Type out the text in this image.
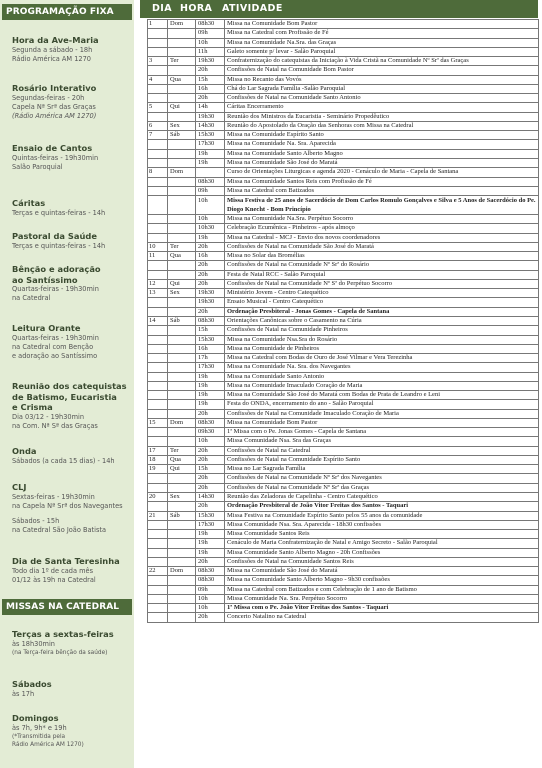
PROGRAMAÇÃO FIXA
Hora da Ave-Maria
Segunda a sábado - 18h
Rádio América AM 1270
Rosário Interativo
Segundas-feiras - 20h
Capela Nª Srª das Graças
(Rádio América AM 1270)
Ensaio de Cantos
Quintas-feiras - 19h30min
Salão Paroquial
Cáritas
Terças e quintas-feiras - 14h
Pastoral da Saúde
Terças e quintas-feiras - 14h
Bênção e adoração
ao Santíssimo
Quartas-feiras - 19h30min
na Catedral
Leitura Orante
Quartas-feiras - 19h30min
na Catedral com Benção
e adoração ao Santíssimo
Reunião dos catequistas
de Batismo, Eucaristia
e Crisma
Dia 03/12 - 19h30min
na Com. Nª Sª das Graças
Onda
Sábados (a cada 15 dias) - 14h
CLJ
Sextas-feiras - 19h30min
na Capela Nª Srª dos Navegantes
Sábados - 15h
na Catedral São João Batista
Dia de Santa Teresinha
Todo dia 1º de cada mês
01/12 às 19h na Catedral
MISSAS NA CATEDRAL
Terças a sextas-feiras
às 18h30min
(na Terça-feira bênção da saúde)
Sábados
às 17h
Domingos
às 7h, 9h* e 19h
(*Transmitida pela
Rádio América AM 1270)
DIA HORA ATIVIDADE
1	Dom	08h30	Missa na Comunidade Bom Pastor
		09h	Missa na Catedral com Profissão de Fé
		10h	Missa na Comunidade Na.Sra. das Graças
		11h	Galeto somente p/ levar - Salão Paroquial
3	Ter	19h30	Confraternização do catequistas da Iniciação à Vida Cristã na Comunidade Nº Srª das Graças
		20h	Confissões de Natal na Comunidade Bom Pastor
4	Qua	15h	Missa no Recanto das Vovós
		16h	Chá do Lar Sagrada Família -Salão Paroquial
		20h	Confissões de Natal na Comunidade Santo Antonio
5	Qui	14h	Cáritas Encerramento
		19h30	Reunião dos Ministros da Eucaristia - Seminário Propedêutico
6	Sex	14h30	Reunião do Apostolado da Oração das Senhoras com Missa na Catedral
7	Sáb	15h30	Missa na Comunidade Espírito Santo
		17h30	Missa na Comunidade Na. Sra. Aparecida
		19h	Missa na Comunidade Santo Alberto Magno
		19h	Missa na Comunidade São José do Maratá
8	Dom		Curso de Orientações Liturgicas e agenda 2020 - Cenáculo de Maria - Capela de Santana
		08h30	Missa na Comunidade Santos Reis com Profissão de Fé
		09h	Missa na Catedral com Batizados
		10h	Missa Festiva de 25 anos de Sacerdócio de Dom Carlos Romulo Gonçalves e Silva e 5 Anos de Sacerdócio do Pe. Diogo Knecht - Bom Princípio
		10h	Missa na Comunidade Na.Sra. Perpétuo Socorro
		10h30	Celebração Ecumênica - Pinheiros - após almoço
		19h	Missa na Catedral - MCJ - Envio dos novos coordenadores
10	Ter	20h	Confissões de Natal na Comunidade São José do Maratá
11	Qua	16h	Missa no Solar das Bromélias
		20h	Confissões de Natal na Comunidade Nº Srª do Rosário
		20h	Festa de Natal RCC - Salão Paroquial
12	Qui	20h	Confissões de Natal na Comunidade Nº Sª do Perpétuo Socorro
13	Sex	19h30	Ministério Jovem - Centro Catequético
		19h30	Ensaio Musical - Centro Catequético
		20h	Ordenação Presbiteral - Jonas Gomes - Capela de Santana
14	Sáb	08h30	Orientações Canônicas sobre o Casamento na Cúria
		15h	Confissões de Natal na Comunidade Pinheiros
		15h30	Missa na Comunidade Nsa.Sra do Rosário
		16h	Missa na Comunidade de Pinheiros
		17h	Missa na Catedral com Bodas de Ouro de José Vilmar e Vera Terezinha
		17h30	Missa na Comunidade Na. Sra. dos Navegantes
		19h	Missa na Comunidade Santo Antonio
		19h	Missa na Comunidade Imaculado Coração de Maria
		19h	Missa na Comunidade São José do Maratá com Bodas de Prata de Leandro e Leni
		19h	Festa do ONDA, encerramento do ano - Salão Paroquial
		20h	Confissões de Natal na Comunidade Imaculado Coração de Maria
15	Dom	08h30	Missa na Comunidade Bom Pastor
		09h30	1ª Missa com o Pe. Jonas Gomes - Capela de Santana
		10h	Missa Comunidade Nsa. Sra das Graças
17	Ter	20h	Confissões de Natal na Catedral
18	Qua	20h	Confissões de Natal na Comunidade Espírito Santo
19	Qui	15h	Missa no Lar Sagrada Família
		20h	Confissões de Natal na Comunidade Nº Srª dos Navegantes
		20h	Confissões de Natal na Comunidade Nº Srª das Graças
20	Sex	14h30	Reunião das Zeladoras de Capelinha - Centro Catequético
		20h	Ordenação Presbiteral de João Vitor Freitas dos Santos - Taquari
21	Sáb	15h30	Missa Festiva na Comunidade Espírito Santo pelos 55 anos da comunidade
		17h30	Missa Comunidade Nsa. Sra. Aparecida - 18h30 confissões
		19h	Missa Comunidade Santos Reis
		19h	Cenáculo de Maria Confraternização de Natal e Amigo Secreto - Salão Paroquial
		19h	Missa Comunidade Santo Alberto Magno - 20h Confissões
		20h	Confissões de Natal na Comunidade Santos Reis
22	Dom	08h30	Missa na Comunidade São José do Maratá
		08h30	Missa na Comunidade Santo Alberto Magno - 9h30 confissões
		09h	Missa na Catedral com Batizados e com Celebração de 1 ano de Batismo
		10h	Missa Comunidade Na. Sra. Perpétuo Socorro
		10h	1ª Missa com o Pe. João Vitor Freitas dos Santos - Taquari
		20h	Concerto Natalino na Catedral
